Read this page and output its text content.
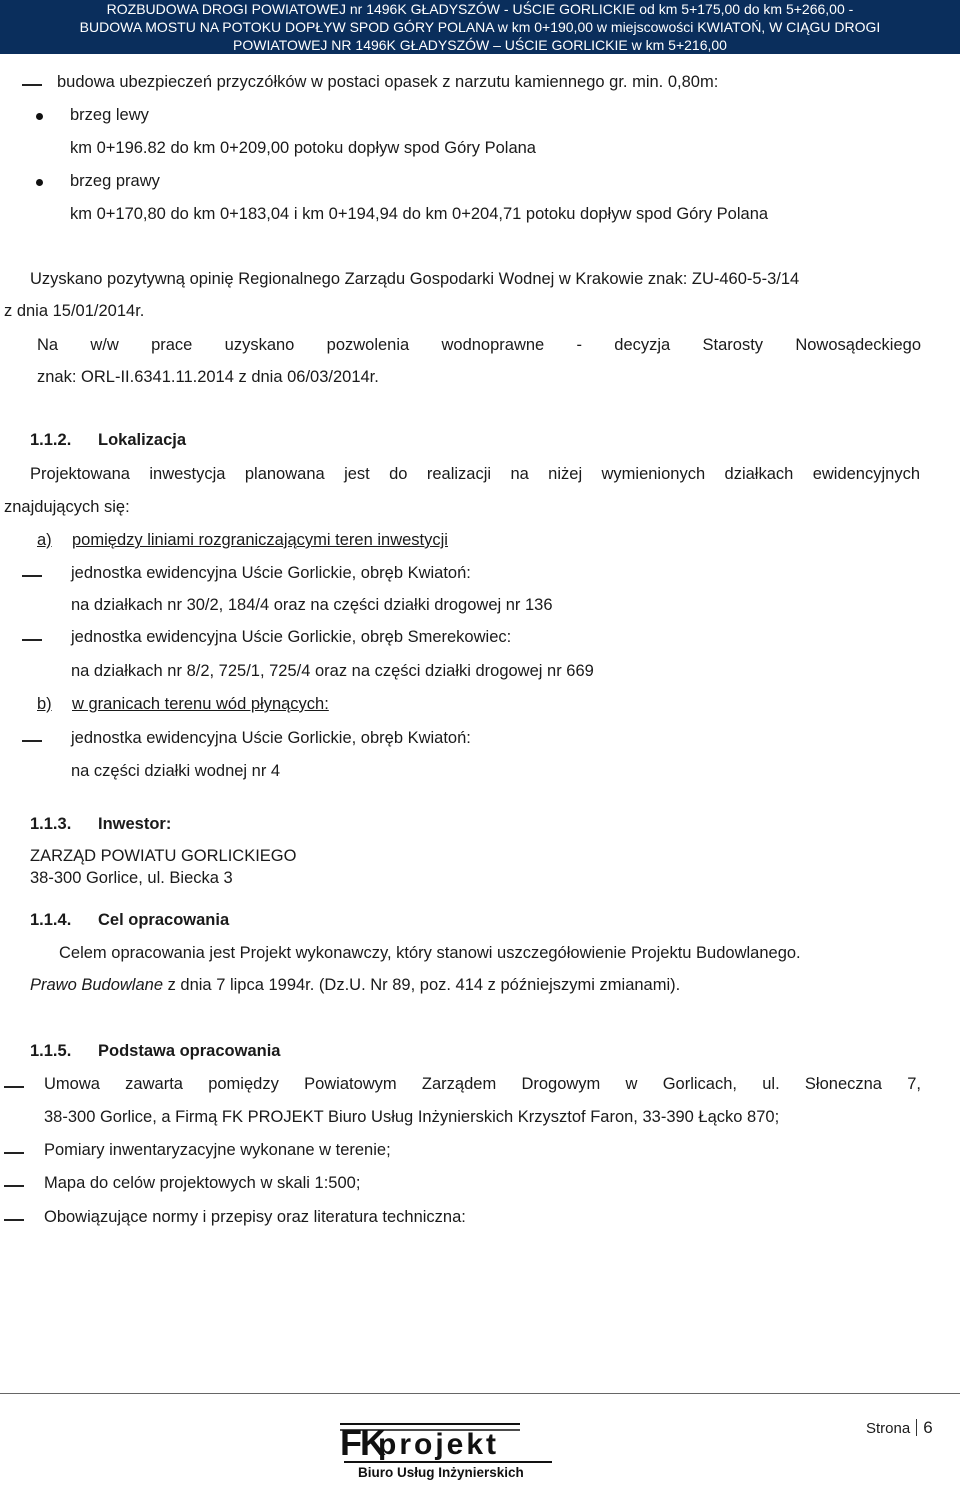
ROZBUDOWA DROGI POWIATOWEJ nr 1496K GŁADYSZÓW - UŚCIE GORLICKIE od km 5+175,00 do km 5+266,00 -
BUDOWA MOSTU NA POTOKU DOPŁYW SPOD GÓRY POLANA w km 0+190,00 w miejscowości KWIATOŃ, W CIĄGU DROGI
POWIATOWEJ NR 1496K GŁADYSZÓW – UŚCIE GORLICKIE w km 5+216,00
budowa ubezpieczeń przyczółków w postaci opasek z narzutu kamiennego gr. min. 0,80m:
brzeg lewy
km 0+196.82 do km 0+209,00 potoku dopływ spod Góry Polana
brzeg prawy
km 0+170,80 do km 0+183,04 i km 0+194,94 do km 0+204,71 potoku dopływ spod Góry Polana
Uzyskano pozytywną opinię Regionalnego Zarządu Gospodarki Wodnej w Krakowie znak: ZU-460-5-3/14
z dnia 15/01/2014r.
Na w/w prace uzyskano pozwolenia wodnoprawne - decyzja Starosty Nowosądeckiego
znak: ORL-II.6341.11.2014 z dnia 06/03/2014r.
1.1.2. Lokalizacja
Projektowana inwestycja planowana jest do realizacji na niżej wymienionych działkach ewidencyjnych
znajdujących się:
a) pomiędzy liniami rozgraniczającymi teren inwestycji
jednostka ewidencyjna Uście Gorlickie, obręb Kwiatoń:
na działkach nr 30/2, 184/4 oraz na części działki drogowej nr 136
jednostka ewidencyjna Uście Gorlickie, obręb Smerekowiec:
na działkach nr 8/2, 725/1, 725/4 oraz na części działki drogowej nr 669
b) w granicach terenu wód płynących:
jednostka ewidencyjna Uście Gorlickie, obręb Kwiatoń:
na części działki wodnej nr 4
1.1.3. Inwestor:
ZARZĄD POWIATU GORLICKIEGO
38-300 Gorlice, ul. Biecka 3
1.1.4. Cel opracowania
Celem opracowania jest Projekt wykonawczy, który stanowi uszczegółowienie Projektu Budowlanego.
Prawo Budowlane z dnia 7 lipca 1994r. (Dz.U. Nr 89, poz. 414 z późniejszymi zmianami).
1.1.5. Podstawa opracowania
Umowa zawarta pomiędzy Powiatowym Zarządem Drogowym w Gorlicach, ul. Słoneczna 7,
38-300 Gorlice, a Firmą FK PROJEKT Biuro Usług Inżynierskich Krzysztof Faron, 33-390 Łącko 870;
Pomiary inwentaryzacyjne wykonane w terenie;
Mapa do celów projektowych w skali 1:500;
Obowiązujące normy i przepisy oraz literatura techniczna:
FK
projekt
Biuro Usług Inżynierskich
Strona 6
